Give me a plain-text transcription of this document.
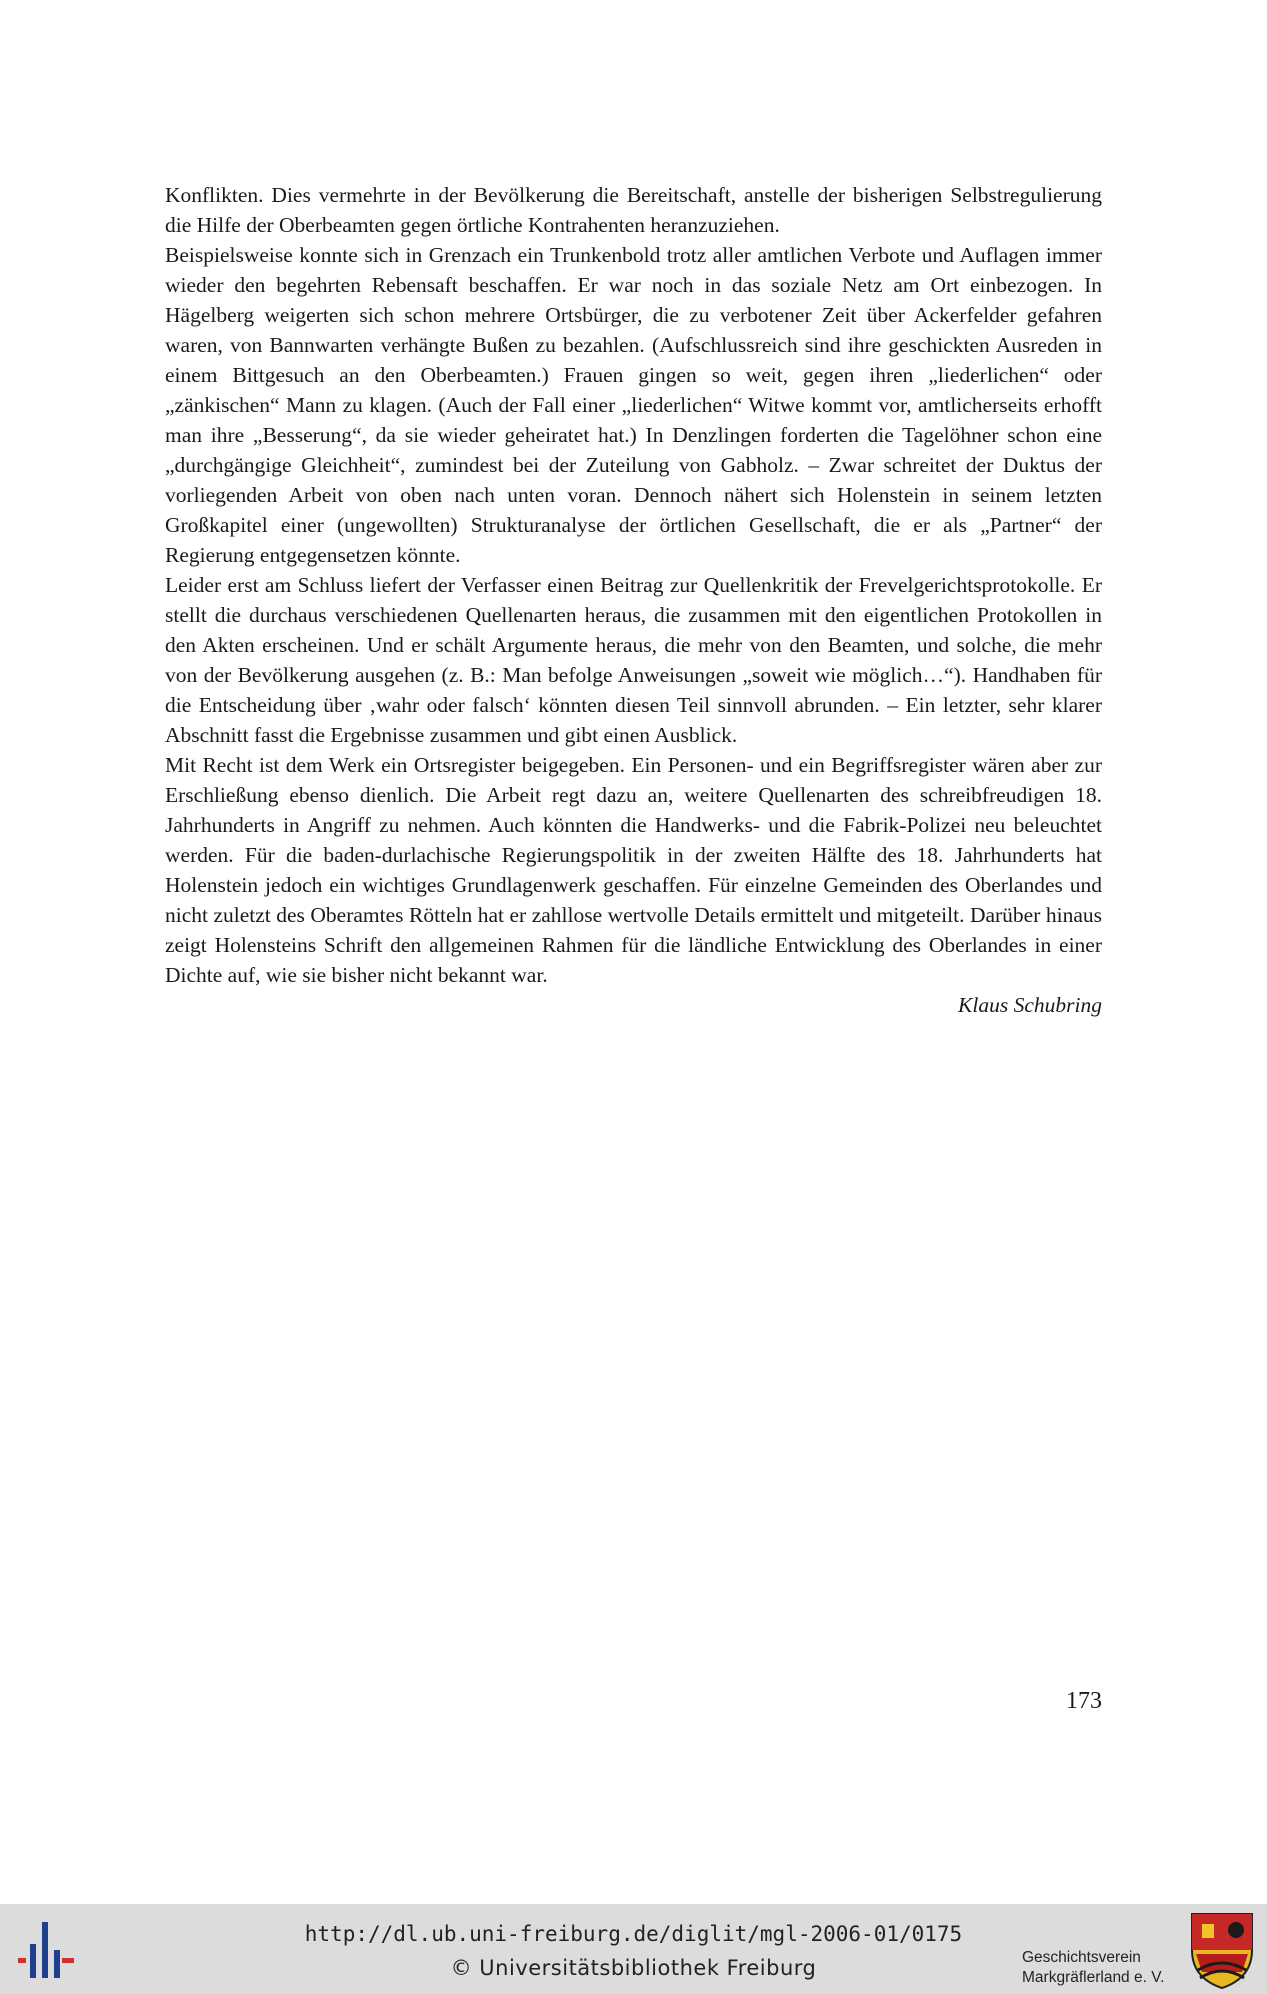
Konflikten. Dies vermehrte in der Bevölkerung die Bereitschaft, anstelle der bisherigen Selbstregulierung die Hilfe der Oberbeamten gegen örtliche Kontrahenten heranzuziehen.

Beispielsweise konnte sich in Grenzach ein Trunkenbold trotz aller amtlichen Verbote und Auflagen immer wieder den begehrten Rebensaft beschaffen. Er war noch in das soziale Netz am Ort einbezogen. In Hägelberg weigerten sich schon mehrere Ortsbürger, die zu verbotener Zeit über Ackerfelder gefahren waren, von Bannwarten verhängte Bußen zu bezahlen. (Aufschlussreich sind ihre geschickten Ausreden in einem Bittgesuch an den Oberbeamten.) Frauen gingen so weit, gegen ihren „liederlichen“ oder „zänkischen“ Mann zu klagen. (Auch der Fall einer „liederlichen“ Witwe kommt vor, amtlicherseits erhofft man ihre „Besserung“, da sie wieder geheiratet hat.) In Denzlingen forderten die Tagelöhner schon eine „durchgängige Gleichheit“, zumindest bei der Zuteilung von Gabholz. – Zwar schreitet der Duktus der vorliegenden Arbeit von oben nach unten voran. Dennoch nähert sich Holenstein in seinem letzten Großkapitel einer (ungewollten) Strukturanalyse der örtlichen Gesellschaft, die er als „Partner“ der Regierung entgegensetzen könnte.

Leider erst am Schluss liefert der Verfasser einen Beitrag zur Quellenkritik der Frevelgerichtsprotokolle. Er stellt die durchaus verschiedenen Quellenarten heraus, die zusammen mit den eigentlichen Protokollen in den Akten erscheinen. Und er schält Argumente heraus, die mehr von den Beamten, und solche, die mehr von der Bevölkerung ausgehen (z. B.: Man befolge Anweisungen „soweit wie möglich…“). Handhaben für die Entscheidung über ‚wahr oder falsch‘ könnten diesen Teil sinnvoll abrunden. – Ein letzter, sehr klarer Abschnitt fasst die Ergebnisse zusammen und gibt einen Ausblick.

Mit Recht ist dem Werk ein Ortsregister beigegeben. Ein Personen- und ein Begriffsregister wären aber zur Erschließung ebenso dienlich. Die Arbeit regt dazu an, weitere Quellenarten des schreibfreudigen 18. Jahrhunderts in Angriff zu nehmen. Auch könnten die Handwerks- und die Fabrik-Polizei neu beleuchtet werden. Für die baden-durlachische Regierungspolitik in der zweiten Hälfte des 18. Jahrhunderts hat Holenstein jedoch ein wichtiges Grundlagenwerk geschaffen. Für einzelne Gemeinden des Oberlandes und nicht zuletzt des Oberamtes Rötteln hat er zahllose wertvolle Details ermittelt und mitgeteilt. Darüber hinaus zeigt Holensteins Schrift den allgemeinen Rahmen für die ländliche Entwicklung des Oberlandes in einer Dichte auf, wie sie bisher nicht bekannt war.

Klaus Schubring

173
http://dl.ub.uni-freiburg.de/diglit/mgl-2006-01/0175
© Universitätsbibliothek Freiburg	Geschichtsverein
Markgräflerland e. V.
